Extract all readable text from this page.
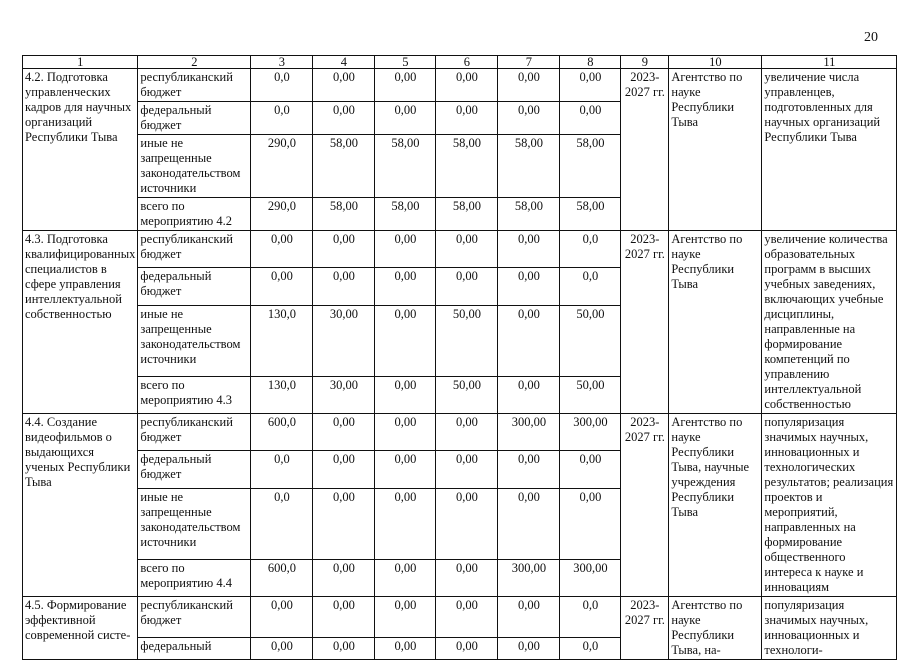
20
1	2	3	4	5	6	7	8	9	10	11
4.2. Подготовка управленческих кадров для научных организаций Республики Тыва	республиканский бюджет	0,0	0,00	0,00	0,00	0,00	0,00	2023-2027 гг.	Агентство по науке Республики Тыва	увеличение числа управленцев, подготовленных для научных организаций Республики Тыва
	федеральный бюджет	0,0	0,00	0,00	0,00	0,00	0,00			
	иные не запрещенные законодательством источники	290,0	58,00	58,00	58,00	58,00	58,00			
	всего по мероприятию 4.2	290,0	58,00	58,00	58,00	58,00	58,00			
4.3. Подготовка квалифицированных специалистов в сфере управления интеллектуальной собственностью	республиканский бюджет	0,00	0,00	0,00	0,00	0,00	0,0	2023-2027 гг.	Агентство по науке Республики Тыва	увеличение количества образовательных программ в высших учебных заведениях, включающих учебные дисциплины, направленные на формирование компетенций по управлению интеллектуальной собственностью
	федеральный бюджет	0,00	0,00	0,00	0,00	0,00	0,0			
	иные не запрещенные законодательством источники	130,0	30,00	0,00	50,00	0,00	50,00			
	всего по мероприятию 4.3	130,0	30,00	0,00	50,00	0,00	50,00			
4.4. Создание видеофильмов о выдающихся ученых Республики Тыва	республиканский бюджет	600,0	0,00	0,00	0,00	300,00	300,00	2023-2027 гг.	Агентство по науке Республики Тыва, научные учреждения Республики Тыва	популяризация значимых научных, инновационных и технологических результатов; реализация проектов и мероприятий, направленных на формирование общественного интереса к науке и инновациям
	федеральный бюджет	0,0	0,00	0,00	0,00	0,00	0,00			
	иные не запрещенные законодательством источники	0,0	0,00	0,00	0,00	0,00	0,00			
	всего по мероприятию 4.4	600,0	0,00	0,00	0,00	300,00	300,00			
4.5. Формирование эффективной современной систе-	республиканский бюджет	0,00	0,00	0,00	0,00	0,00	0,0	2023-2027 гг.	Агентство по науке Республики Тыва, на-	популяризация значимых научных, инновационных и технологи-
	федеральный	0,00	0,00	0,00	0,00	0,00	0,0			
